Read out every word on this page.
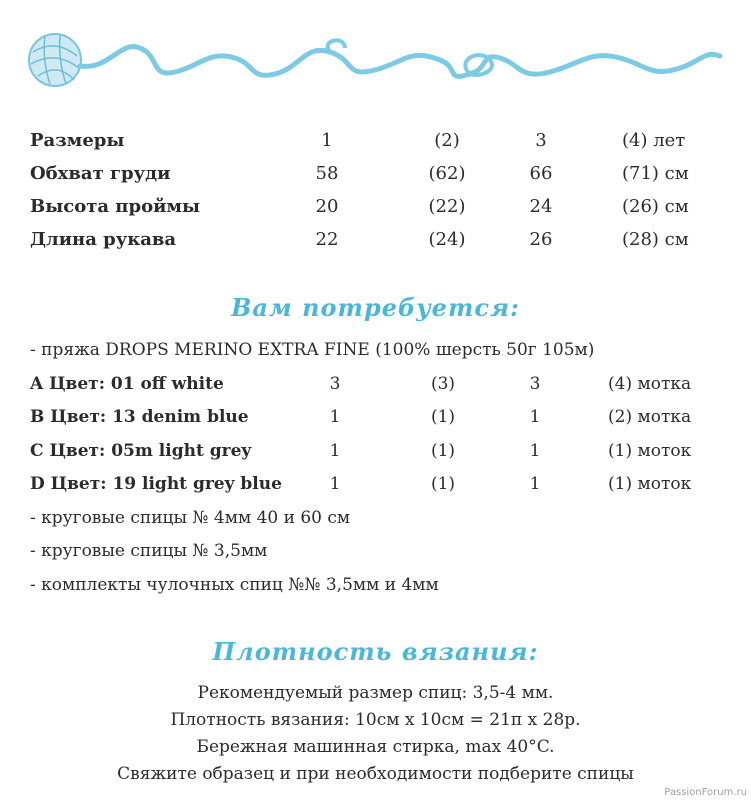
Размеры	1	(2)	3	(4) лет
Обхват груди	58	(62)	66	(71) см
Высота проймы	20	(22)	24	(26) см
Длина рукава	22	(24)	26	(28) см
Вам потребуется:
- пряжа DROPS MERINO EXTRA FINE (100% шерсть 50г 105м)
A Цвет: 01 off white	3	(3)	3	(4) мотка
B Цвет: 13 denim blue	1	(1)	1	(2) мотка
C Цвет: 05m light grey	1	(1)	1	(1) моток
D Цвет: 19 light grey blue	1	(1)	1	(1) моток
- круговые спицы № 4мм 40 и 60 см
- круговые спицы № 3,5мм
- комплекты чулочных спиц №№ 3,5мм и 4мм
Плотность вязания:
Рекомендуемый размер спиц: 3,5-4 мм.
Плотность вязания: 10см х 10см = 21п х 28р.
Бережная машинная стирка, max 40°C.
Свяжите образец и при необходимости подберите спицы
PassionForum.ru
